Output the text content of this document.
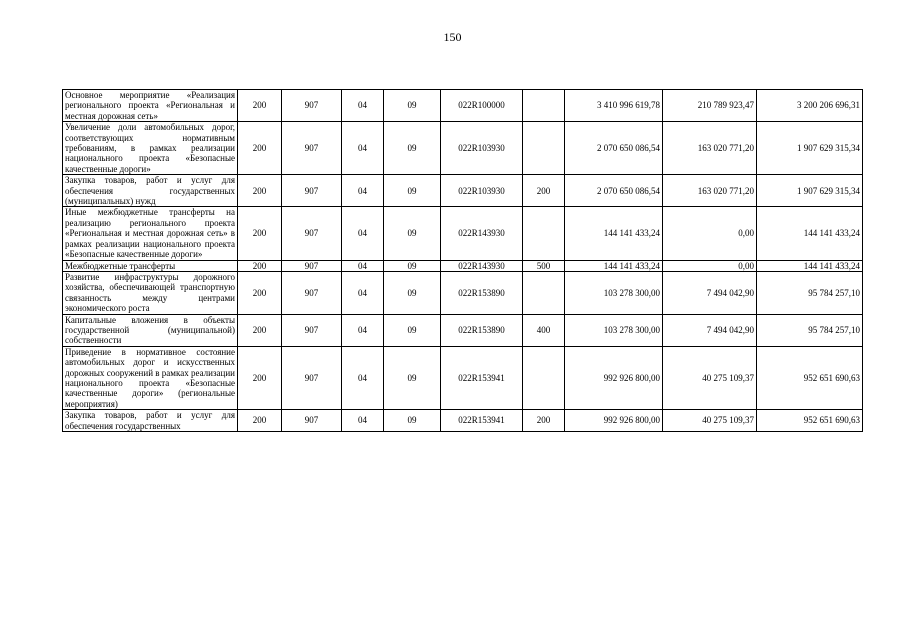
150
Основное мероприятие «Реализация регионального проекта «Региональная и местная дорожная сеть»	200	907	04	09	022R100000		3 410 996 619,78	210 789 923,47	3 200 206 696,31
Увеличение доли автомобильных дорог, соответствующих нормативным требованиям, в рамках реализации национального проекта «Безопасные качественные дороги»	200	907	04	09	022R103930		2 070 650 086,54	163 020 771,20	1 907 629 315,34
Закупка товаров, работ и услуг для обеспечения государственных (муниципальных) нужд	200	907	04	09	022R103930	200	2 070 650 086,54	163 020 771,20	1 907 629 315,34
Иные межбюджетные трансферты на реализацию регионального проекта «Региональная и местная дорожная сеть» в рамках реализации национального проекта «Безопасные качественные дороги»	200	907	04	09	022R143930		144 141 433,24	0,00	144 141 433,24
Межбюджетные трансферты	200	907	04	09	022R143930	500	144 141 433,24	0,00	144 141 433,24
Развитие инфраструктуры дорожного хозяйства, обеспечивающей транспортную связанность между центрами экономического роста	200	907	04	09	022R153890		103 278 300,00	7 494 042,90	95 784 257,10
Капитальные вложения в объекты государственной (муниципальной) собственности	200	907	04	09	022R153890	400	103 278 300,00	7 494 042,90	95 784 257,10
Приведение в нормативное состояние автомобильных дорог и искусственных дорожных сооружений в рамках реализации национального проекта «Безопасные качественные дороги» (региональные мероприятия)	200	907	04	09	022R153941		992 926 800,00	40 275 109,37	952 651 690,63
Закупка товаров, работ и услуг для обеспечения государственных	200	907	04	09	022R153941	200	992 926 800,00	40 275 109,37	952 651 690,63
